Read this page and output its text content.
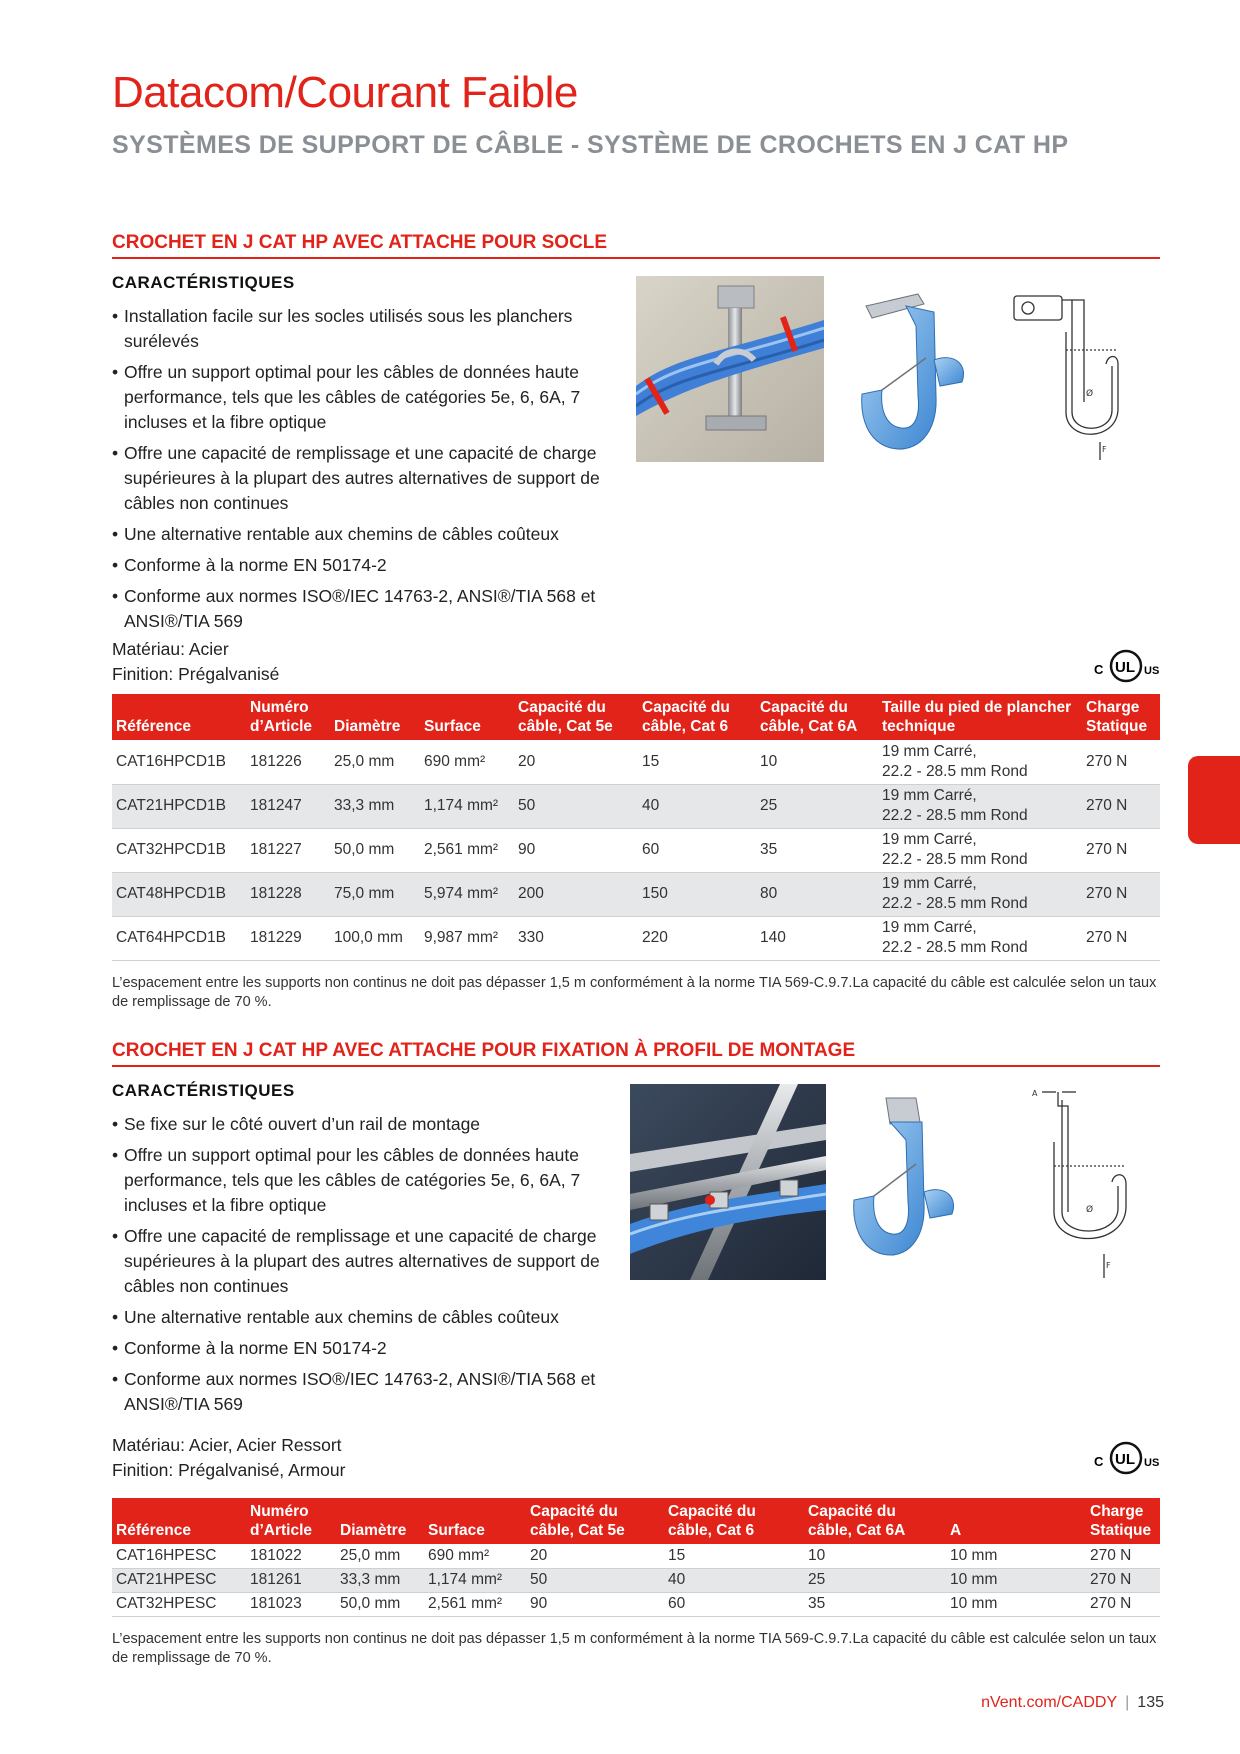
Datacom/Courant Faible
SYSTÈMES DE SUPPORT DE CÂBLE - SYSTÈME DE CROCHETS EN J CAT HP
CROCHET EN J CAT HP AVEC ATTACHE POUR SOCLE
CARACTÉRISTIQUES
• Installation facile sur les socles utilisés sous les planchers surélevés
• Offre un support optimal pour les câbles de données haute performance, tels que les câbles de catégories 5e, 6, 6A, 7 incluses et la fibre optique
• Offre une capacité de remplissage et une capacité de charge supérieures à la plupart des autres alternatives de support de câbles non continues
• Une alternative rentable aux chemins de câbles coûteux
• Conforme à la norme EN 50174-2
• Conforme aux normes ISO®/IEC 14763-2, ANSI®/TIA 568 et ANSI®/TIA 569
Matériau: Acier
Finition: Prégalvanisé
Ø
F
C UL US
Référence	Numéro d’Article	Diamètre	Surface	Capacité du câble, Cat 5e	Capacité du câble, Cat 6	Capacité du câble, Cat 6A	Taille du pied de plancher technique	Charge Statique
CAT16HPCD1B	181226	25,0 mm	690 mm²	20	15	10	19 mm Carré,
22.2 - 28.5 mm Rond	270 N
CAT21HPCD1B	181247	33,3 mm	1,174 mm²	50	40	25	19 mm Carré,
22.2 - 28.5 mm Rond	270 N
CAT32HPCD1B	181227	50,0 mm	2,561 mm²	90	60	35	19 mm Carré,
22.2 - 28.5 mm Rond	270 N
CAT48HPCD1B	181228	75,0 mm	5,974 mm²	200	150	80	19 mm Carré,
22.2 - 28.5 mm Rond	270 N
CAT64HPCD1B	181229	100,0 mm	9,987 mm²	330	220	140	19 mm Carré,
22.2 - 28.5 mm Rond	270 N
L’espacement entre les supports non continus ne doit pas dépasser 1,5 m conformément à la norme TIA 569-C.9.7.La capacité du câble est calculée selon un taux de remplissage de 70 %.
CROCHET EN J CAT HP AVEC ATTACHE POUR FIXATION À PROFIL DE MONTAGE
CARACTÉRISTIQUES
• Se fixe sur le côté ouvert d’un rail de montage
• Offre un support optimal pour les câbles de données haute performance, tels que les câbles de catégories 5e, 6, 6A, 7 incluses et la fibre optique
• Offre une capacité de remplissage et une capacité de charge supérieures à la plupart des autres alternatives de support de câbles non continues
• Une alternative rentable aux chemins de câbles coûteux
• Conforme à la norme EN 50174-2
• Conforme aux normes ISO®/IEC 14763-2, ANSI®/TIA 568 et ANSI®/TIA 569
Matériau: Acier, Acier Ressort
Finition: Prégalvanisé, Armour
A
Ø
F
C UL US
Référence	Numéro d’Article	Diamètre	Surface	Capacité du câble, Cat 5e	Capacité du câble, Cat 6	Capacité du câble, Cat 6A	A	Charge Statique
CAT16HPESC	181022	25,0 mm	690 mm²	20	15	10	10 mm	270 N
CAT21HPESC	181261	33,3 mm	1,174 mm²	50	40	25	10 mm	270 N
CAT32HPESC	181023	50,0 mm	2,561 mm²	90	60	35	10 mm	270 N
L’espacement entre les supports non continus ne doit pas dépasser 1,5 m conformément à la norme TIA 569-C.9.7.La capacité du câble est calculée selon un taux de remplissage de 70 %.
nVent.com/CADDY | 135
